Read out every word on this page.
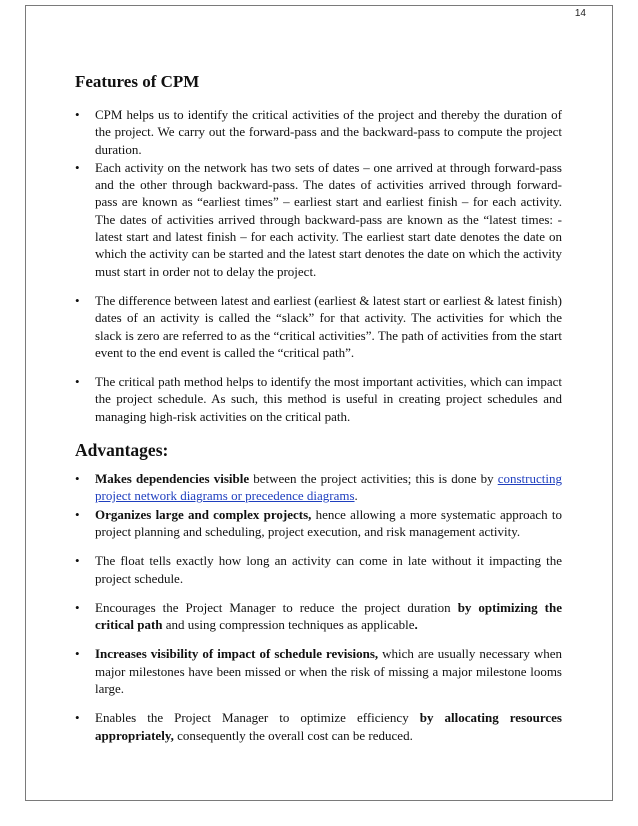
14
Features of CPM
• CPM helps us to identify the critical activities of the project and thereby the duration of the project. We carry out the forward-pass and the backward-pass to compute the project duration.
• Each activity on the network has two sets of dates – one arrived at through forward-pass and the other through backward-pass. The dates of activities arrived through forward-pass are known as “earliest times” – earliest start and earliest finish – for each activity. The dates of activities arrived through backward-pass are known as the “latest times: - latest start and latest finish – for each activity. The earliest start date denotes the date on which the activity can be started and the latest start denotes the date on which the activity must start in order not to delay the project.
• The difference between latest and earliest (earliest & latest start or earliest & latest finish) dates of an activity is called the “slack” for that activity. The activities for which the slack is zero are referred to as the “critical activities”. The path of activities from the start event to the end event is called the “critical path”.
• The critical path method helps to identify the most important activities, which can impact the project schedule. As such, this method is useful in creating project schedules and managing high-risk activities on the critical path.
Advantages:
• Makes dependencies visible between the project activities; this is done by constructing project network diagrams or precedence diagrams.
• Organizes large and complex projects, hence allowing a more systematic approach to project planning and scheduling, project execution, and risk management activity.
• The float tells exactly how long an activity can come in late without it impacting the project schedule.
• Encourages the Project Manager to reduce the project duration by optimizing the critical path and using compression techniques as applicable.
• Increases visibility of impact of schedule revisions, which are usually necessary when major milestones have been missed or when the risk of missing a major milestone looms large.
• Enables the Project Manager to optimize efficiency by allocating resources appropriately, consequently the overall cost can be reduced.
